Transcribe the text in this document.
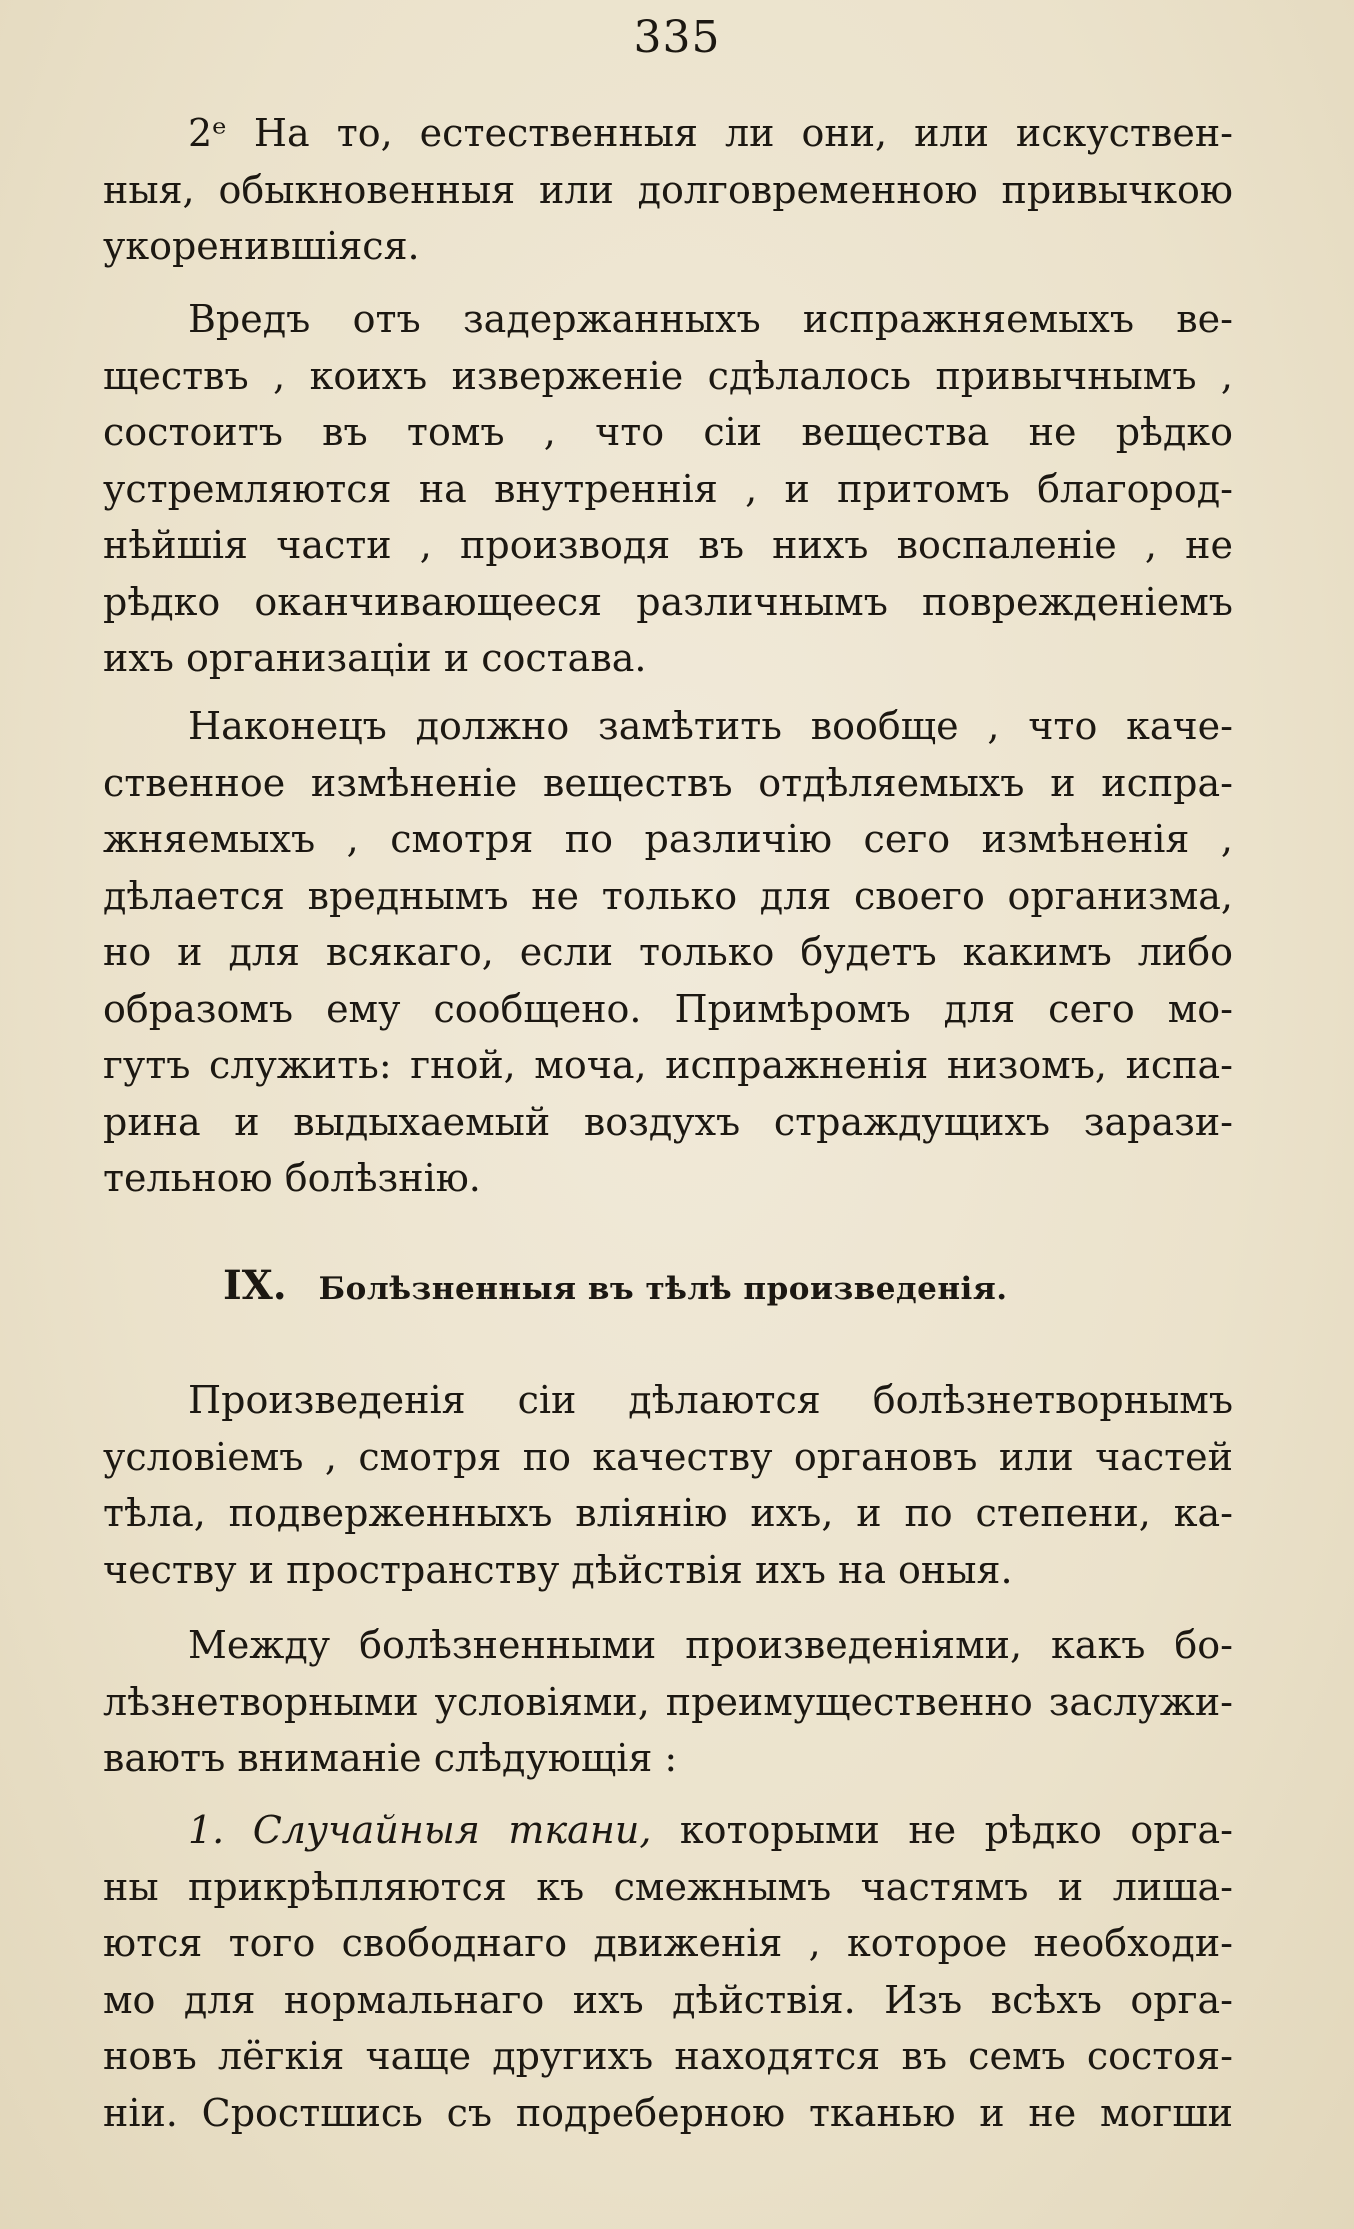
335
2ᵉ На то, естественныя ли они, или искуствен-
ныя, обыкновенныя или долговременною привычкою
укоренившіяся.
Вредъ отъ задержанныхъ испражняемыхъ ве-
ществъ , коихъ изверженіе сдѣлалось привычнымъ ,
состоитъ въ томъ , что сіи вещества не рѣдко
устремляются на внутреннія , и притомъ благород-
нѣйшія части , производя въ нихъ воспаленіе , не
рѣдко оканчивающееся различнымъ поврежденіемъ
ихъ организаціи и состава.
Наконецъ должно замѣтить вообще , что каче-
ственное измѣненіе веществъ отдѣляемыхъ и испра-
жняемыхъ , смотря по различію сего измѣненія ,
дѣлается вреднымъ не только для своего организма,
но и для всякаго, если только будетъ какимъ либо
образомъ ему сообщено. Примѣромъ для сего мо-
гутъ служить: гной, моча, испражненія низомъ, испа-
рина и выдыхаемый воздухъ страждущихъ зарази-
тельною болѣзнію.
IX. Болѣзненныя въ тѣлѣ произведенія.
Произведенія сіи дѣлаются болѣзнетворнымъ
условіемъ , смотря по качеству органовъ или частей
тѣла, подверженныхъ вліянію ихъ, и по степени, ка-
честву и пространству дѣйствія ихъ на оныя.
Между болѣзненными произведеніями, какъ бо-
лѣзнетворными условіями, преимущественно заслужи-
ваютъ вниманіе слѣдующія :
1. Случайныя ткани, которыми не рѣдко орга-
ны прикрѣпляются къ смежнымъ частямъ и лиша-
ются того свободнаго движенія , которое необходи-
мо для нормальнаго ихъ дѣйствія. Изъ всѣхъ орга-
новъ лёгкія чаще другихъ находятся въ семъ состоя-
ніи. Сростшись съ подреберною тканью и не могши
